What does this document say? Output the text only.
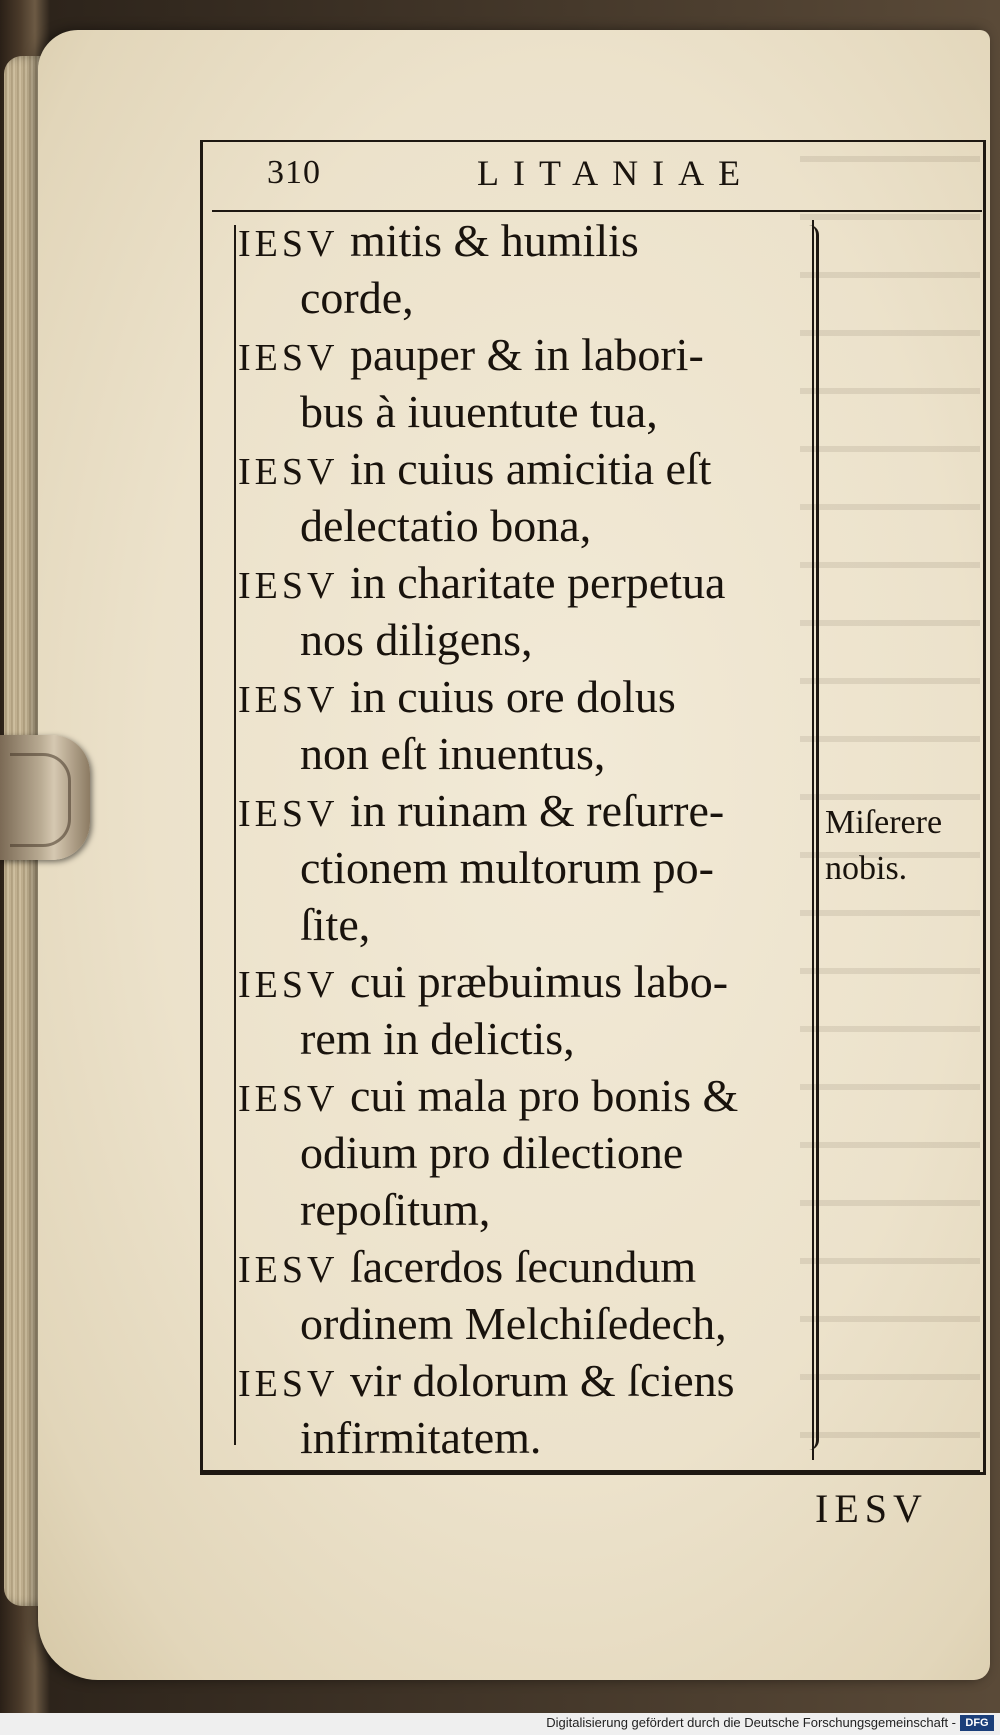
310	LITANIAE
IESV mitis & humilis
corde,
IESV pauper & in labori-
bus à iuuentute tua,
IESV in cuius amicitia eſt
delectatio bona,
IESV in charitate perpetua
nos diligens,
IESV in cuius ore dolus
non eſt inuentus,
IESV in ruinam & reſurre-
ctionem multorum po-
ſite,
IESV cui præbuimus labo-
rem in delictis,
IESV cui mala pro bonis &
odium pro dilectione
repoſitum,
IESV ſacerdos ſecundum
ordinem Melchiſedech,
IESV vir dolorum & ſciens
infirmitatem.
Miſerere
nobis.
IESV
Digitalisierung gefördert durch die Deutsche Forschungsgemeinschaft - DFG
